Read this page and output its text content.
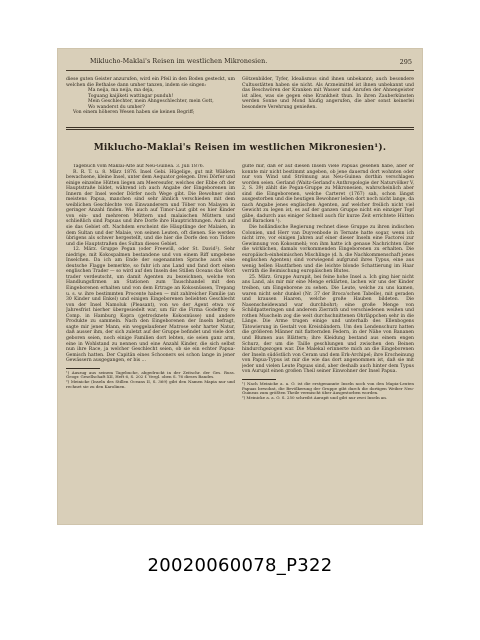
Miklucho-Maklai's Reisen im westlichen Mikronesien.	295

diese guten Geister anzurufen, wird ein Pfeil in den Boden gesteckt, um welchen die Bethalse dann umher tanzen, indem sie singen:

Ma neija, ma neija, ma deja,

Toguang kaijiketi wattingar punduh!

Mein Geschlechter, mein Ahngeschlechter, mein Gott,

Wo wanderst du umher?

Von einem höheren Wesen haben sie keinen Begriff;

Götzenbilder, Tyfer, Idealismus sind ihnen unbekannt; auch besondere Cultusstätten haben sie nicht. Als Arzneimittel ist ihnen unbekannt und das Beschwören der Kranken mit Wasser und Anrufen der Ahnengeister ist alles, was sie gegen eine Krankheit thun. In ihren Zauberkünsten werden Sonne und Mond häufig angerufen, die aber sonst keinerlei besondere Verehrung genießen.

Miklucho-Maklai's Reisen im westlichen Mikronesien¹).

Tagebuch vom Maklai-Alte auf Neu-Guinea. 3. Juli 1876.

R. R. T. u. 8. März 1876. Insel Gebi. Hügelige, gut mit Wäldern bewachsene, kleine Insel, unter dem Aequator gelegen. Drei Dörfer und einige einzelne Hütten liegen am Meeresufer, welches der Ebbe oft der Hauptstraße bildet, während ich auch Angabe der Eingeborenen im Innern der Insel weder Dörfer noch Wege gibt. Die Bewohner sind meistens Papua, manchen sind sehr ähnlich verschieden mit dem weiblichen Geschlechte von Einwanderern und Töber von Malayen in geringer Anzahl finden. Wie auch auf Timor-Laut gibt es hier Kinder von ein- und mehreren Müttern und malaischen Müttern und schließlich sind Papuas und ihre Dorfe ihre Hauptrichtungen. Auch auf sie das Gebiet oft. Nachdem erscheint die Häuptlinge der Malaien, in dem Sultan und der Malaie, von seinen Leuten, oft dienen. Sie werden übrigens als schwer hergestellt, und die hier die Dorfe den von Tidore und die Hauptstraßen des Sultan dieses Gebiet.

12. März. Gruppe Pegan (oder Freewill, oder St. David²). Sehr niedrige, mit Kokospalmen bestandene und von einem Riff umgebene Inselchen. Da ich am Ende der sogenannten Sprache auch eine deutsche Flagge bemerkte, so fuhr ich ans Land und fand dort einen englischen Trader — so wird auf den Inseln des Stillen Oceans das Wort trader verdeutscht, um damit Agenten zu bezeichnen, welche von Handlungsfirmen an Stationen zum Tauschhandel mit den Eingeborenen erhalten und von dem Ertrage an Kokosnüssen, Trepang u. s. w. ihre bestimmten Procente haben — mit zahlreicher Familie (an 30 Kinder und Enkel) und einigen Eingeborenen beliebten Geschlecht von der Insel Namoluk (Pleasant), von wo der Agent etwa vor Jahresfrist hierher übergesiedelt war, um für die Firma Godeffroy & Comp. in Hamburg Kopra (getrocknete Kokosnüsse) und andere Produkte zu sammeln. Nach den Eingeborenen der Inseln befragt, sagte mir jener Mann, ein weggelaufener Matrose sehr harter Natur, daß ausser ihm, der sich zuletzt auf der Gruppe befindet und viele dort geboren seien, noch einige Familien dort lebten, sie seien ganz arm, eine in Wohlstand zu nennen und eine Anzahl Kinder, die sich selbst nun ihre Race, ja welcher Geschlecht seien, ob sie ein echter Papua-Gemisch hatten. Der Capitän eines Schooners sei schon lange in jener Gewässern ausgegangen, er bis ...

¹) Auszug aus seinem Tagebuche, abgedruckt in der Zeitschr. der Ges. Russ. Geogr. Gesellschaft XII, Heft 6, S. 202 f. Vergl. oben S. 76 dieses Bandes.

²) Meinicke (Inseln des Stillen Oceans II, S. 369) gibt den Namen Mapia nur und rechnet sie zu den Karolinen.

gülte mir, daß er auf diesen Inseln viele Papuas gesehen habe, aber er konnte mir nicht bestimmt angeben, ob jene dauernd dort wohnten oder nur von Wind und Strömung aus Neu-Guinea dorthin verschlagen worden seien. Gerland (Waitz-Gerland's Anthropologie der Naturvölker V, 2, S. 39) zählt die Pegan-Gruppe zu Mikronesien, wahrscheinlich aber sind die Eingeborenen, welche Carteret (1767) sah, schon längst ausgestorben und die heutigen Bewohner leben dort noch nicht lange, da nach Angabe jenes englischen Agenten, auf welcher freilich nicht viel Gewicht zu legen ist, es auf der ganzen Gruppe nicht ein einziger Topf gäbe, dadurch aus einiger Schnell auch für kurze Zeit errichtete Hütten und Baracken ¹).

Die holländische Regierung rechnet diese Gruppe zu ihren indischen Colonien, und Herr van Duyvenbode in Ternate hatte sogar, wenn ich nicht irre, vor einigen Jahren auf einer dieser Inseln eine Factorei zur Gewinnung von Kokosmehl; von ihm hatte ich genaue Nachrichten über die wirklichen, damals vorkommenden Eingeborenen zu erhalten. Die europäisch-einheimischen Mischlinge (d. h. die Nachkommenschaft jenes englischen Agenten) sind vorwiegend aufgrund ihres Typus, eine aus wenig hellen Hautfarben und die leichte blonde Schattierung im Haar verräth die Beimischung europäischen Blutes.

25. März. Gruppe Aurupit, bei feine hohe Insel a. Ich ging hier nicht ans Land, als mir mir eine Menge erklärten, lachen wir uns der Kinder treiben, um Eingeborene zu sehen. Die Leute, welche zu uns kamen, waren nicht sehr dunkel (Nr. 37 der Broca'schen Tabelle), mit geraden und krausen Haaren, welche große Hauben bildeten. Die Nasenscheidewand war durchbohrt; eine große Menge von Schildpatteringen und anderem Zierrath und verschiedenen weißen und rothen Muscheln zog die weit durchschnittenen Ohrläppchen sehr in die Länge. Die Arme trugen einige und unterhalb des Ellenbogens Tätowierung in Gestalt von Kreisbändern. Um den Lendenschurz hatten die größeren Männer mit flatternden Federn, in der Nähe von Bananen und Blumen aus Blättern; ihre Kleidung bestand aus einem engen Schurz, der um die Taille geschlungen und zwischen den Beinen hindurchgezogen war. Die Malekal erinnerte mich an die Eingeborenen der Inseln südöstlich von Ceram und dem Erk-Archipel; ihre Erscheinung von Papua-Typus ist mir die wie das dort angenommen ist, daß sie mit jeder und vielen Leute Papuas sind, aber deshalb auch hinter dem Typus von Aurupit einen großen Theil seiner Einwohner der Insel Papua.

¹) Nach Meinicke a. a. O. ist die erstgenannte Inseln noch von den Mapia-Leuten Papuas bewohnt, die Bevölkerung der Gruppe gibt durch die dortigen Weiber Neu-Guineas zum größten Theile vermischt über Ausgestorben worden.

²) Meinicke a. a. O. S. 250 schreibt Aurapit und gibt nur zwei Inseln an.

20020060078_P322
